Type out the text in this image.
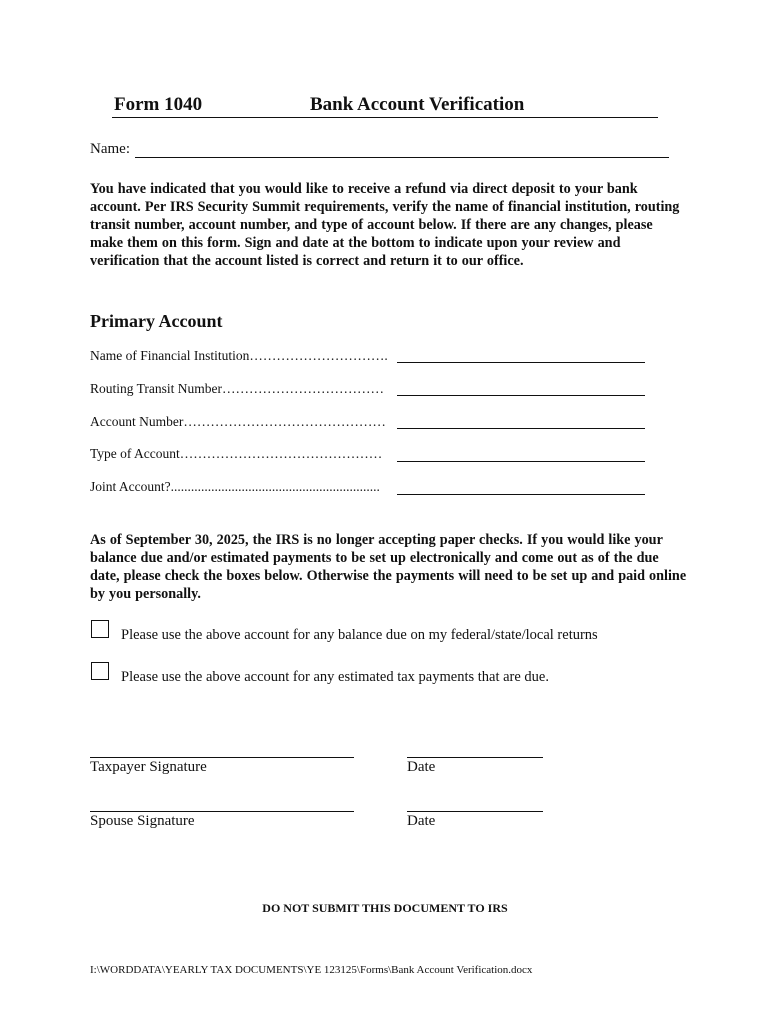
Form 1040	Bank Account Verification
Name:
You have indicated that you would like to receive a refund via direct deposit to your bank account. Per IRS Security Summit requirements, verify the name of financial institution, routing transit number, account number, and type of account below. If there are any changes, please make them on this form. Sign and date at the bottom to indicate upon your review and verification that the account listed is correct and return it to our office.
Primary Account
Name of Financial Institution………………………….
Routing Transit Number………………………………
Account Number………………………………………
Type of Account………………………………………
Joint Account?..............................................................
As of September 30, 2025, the IRS is no longer accepting paper checks. If you would like your balance due and/or estimated payments to be set up electronically and come out as of the due date, please check the boxes below. Otherwise the payments will need to be set up and paid online by you personally.
Please use the above account for any balance due on my federal/state/local returns
Please use the above account for any estimated tax payments that are due.
Taxpayer Signature	Date
Spouse Signature	Date
DO NOT SUBMIT THIS DOCUMENT TO IRS
I:\WORDDATA\YEARLY TAX DOCUMENTS\YE 123125\Forms\Bank Account Verification.docx
